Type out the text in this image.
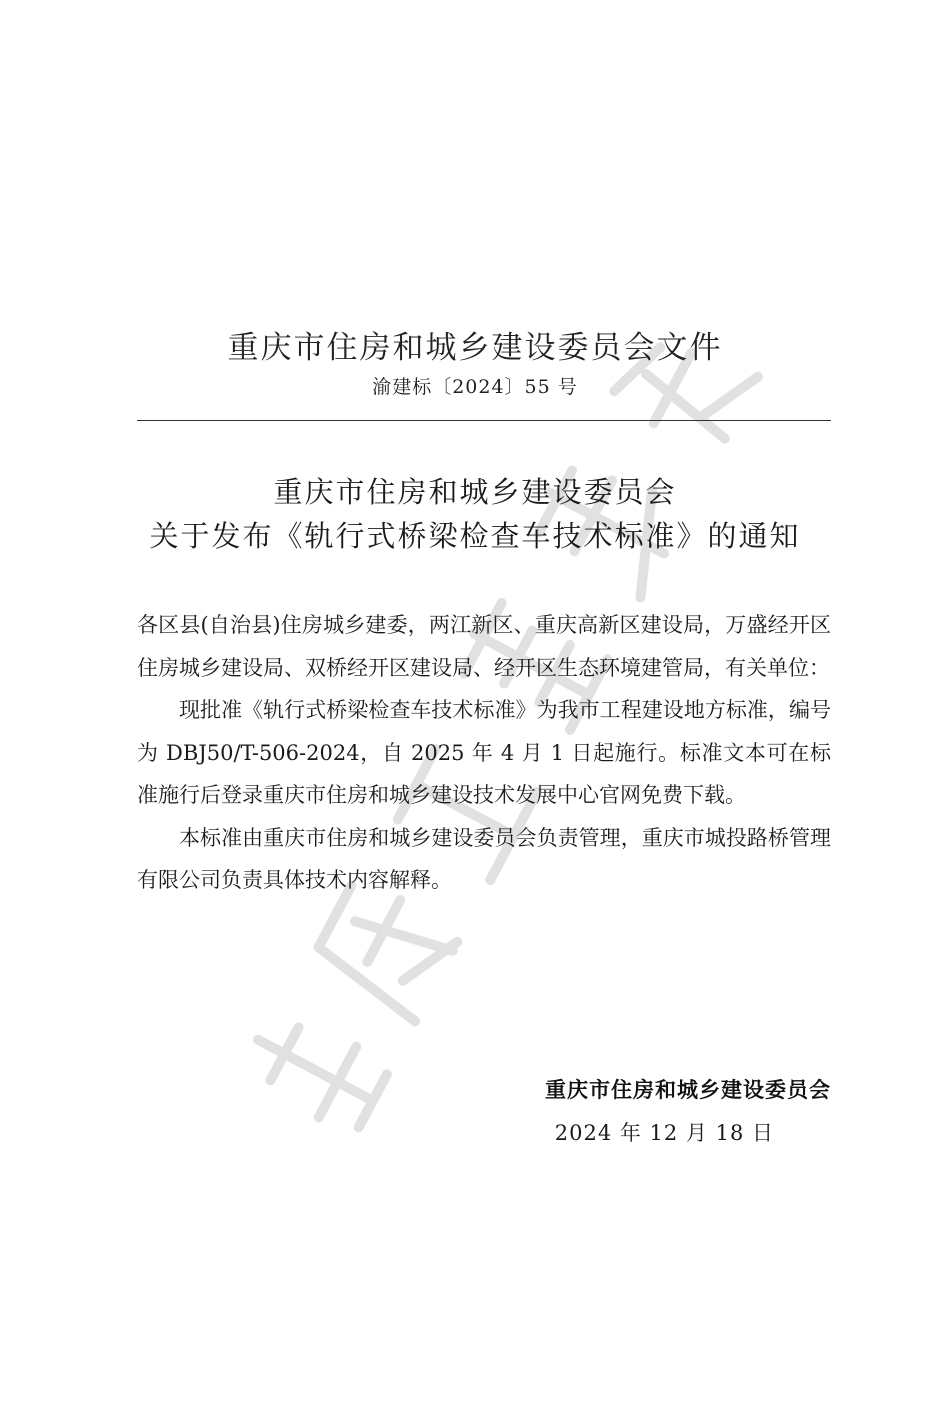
重庆市住房和城乡建设委员会文件
渝建标〔2024〕55 号
重庆市住房和城乡建设委员会
关于发布《轨行式桥梁检查车技术标准》的通知

各区县(自治县)住房城乡建委，两江新区、重庆高新区建设局，万盛经开区住房城乡建设局、双桥经开区建设局、经开区生态环境建管局，有关单位：

现批准《轨行式桥梁检查车技术标准》为我市工程建设地方标准，编号为 DBJ50/T-506-2024，自 2025 年 4 月 1 日起施行。标准文本可在标准施行后登录重庆市住房和城乡建设技术发展中心官网免费下载。

本标准由重庆市住房和城乡建设委员会负责管理，重庆市城投路桥管理有限公司负责具体技术内容解释。

重庆市住房和城乡建设委员会
2024 年 12 月 18 日
